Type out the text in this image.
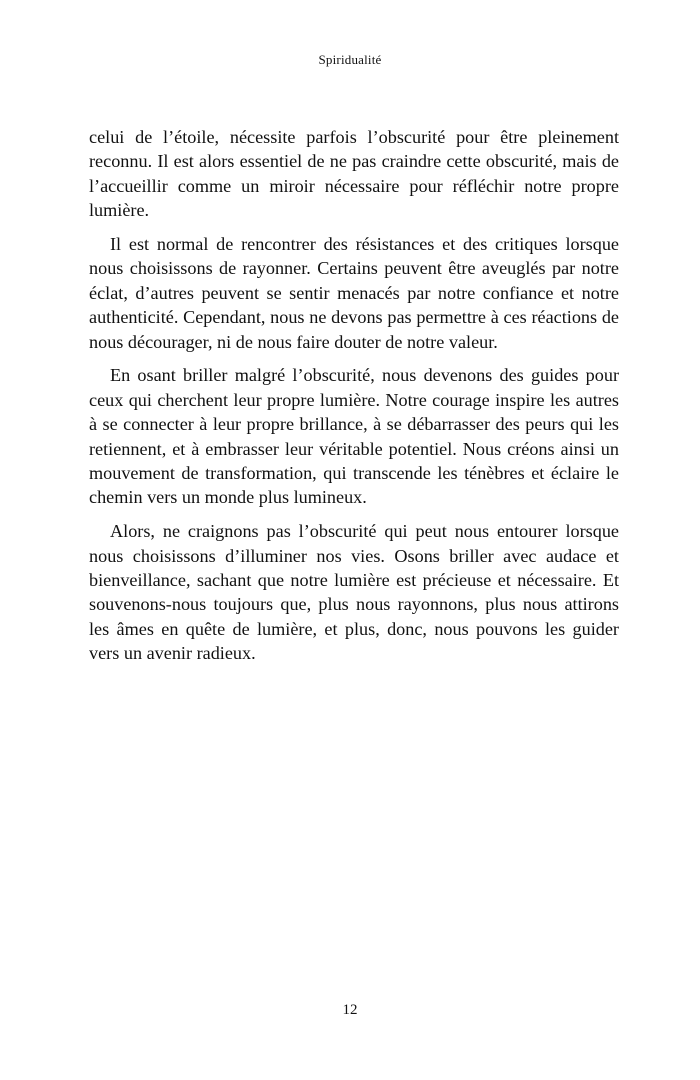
Spiridualité

celui de l’étoile, nécessite parfois l’obscurité pour être pleinement reconnu. Il est alors essentiel de ne pas craindre cette obscurité, mais de l’accueillir comme un miroir nécessaire pour réfléchir notre propre lumière.

Il est normal de rencontrer des résistances et des critiques lorsque nous choisissons de rayonner. Certains peuvent être aveuglés par notre éclat, d’autres peuvent se sentir menacés par notre confiance et notre authenticité. Cependant, nous ne devons pas permettre à ces réactions de nous décourager, ni de nous faire douter de notre valeur.

En osant briller malgré l’obscurité, nous devenons des guides pour ceux qui cherchent leur propre lumière. Notre courage inspire les autres à se connecter à leur propre brillance, à se débarrasser des peurs qui les retiennent, et à embrasser leur véritable potentiel. Nous créons ainsi un mouvement de transformation, qui transcende les ténèbres et éclaire le chemin vers un monde plus lumineux.

Alors, ne craignons pas l’obscurité qui peut nous entourer lorsque nous choisissons d’illuminer nos vies. Osons briller avec audace et bienveillance, sachant que notre lumière est précieuse et nécessaire. Et souvenons-nous toujours que, plus nous rayonnons, plus nous attirons les âmes en quête de lumière, et plus, donc, nous pouvons les guider vers un avenir radieux.

12
